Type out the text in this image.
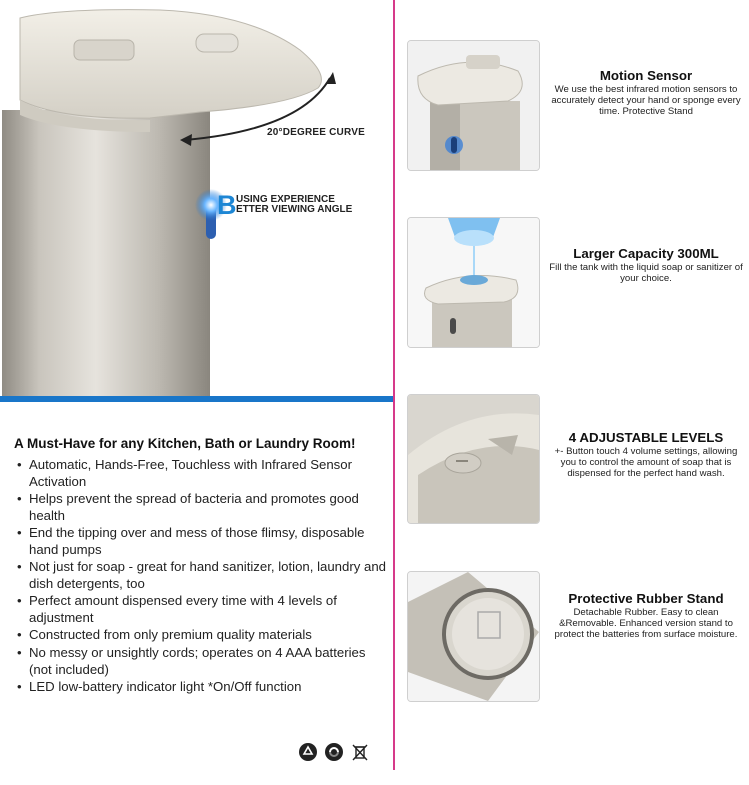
20°DEGREE CURVE
B USING EXPERIENCE
ETTER VIEWING ANGLE
A Must-Have for any Kitchen, Bath or Laundry Room!
• Automatic, Hands-Free, Touchless with Infrared Sensor Activation
• Helps prevent the spread of bacteria and promotes good health
• End the tipping over and mess of those flimsy, disposable hand pumps
• Not just for soap - great for hand sanitizer, lotion, laundry and dish detergents, too
• Perfect amount dispensed every time with 4 levels of adjustment
• Constructed from only premium quality materials
• No messy or unsightly cords; operates on 4 AAA batteries (not included)
• LED low-battery indicator light *On/Off function
Motion Sensor

We use the best infrared motion sensors to accurately detect your hand or sponge every time. Protective Stand

Larger Capacity 300ML

Fill the tank with the liquid soap or sanitizer of your choice.

4 ADJUSTABLE LEVELS

+- Button touch 4 volume settings, allowing you to control the amount of soap that is dispensed for the perfect hand wash.

Protective Rubber Stand

Detachable Rubber. Easy to clean &Removable. Enhanced version stand to protect the batteries from surface moisture.
